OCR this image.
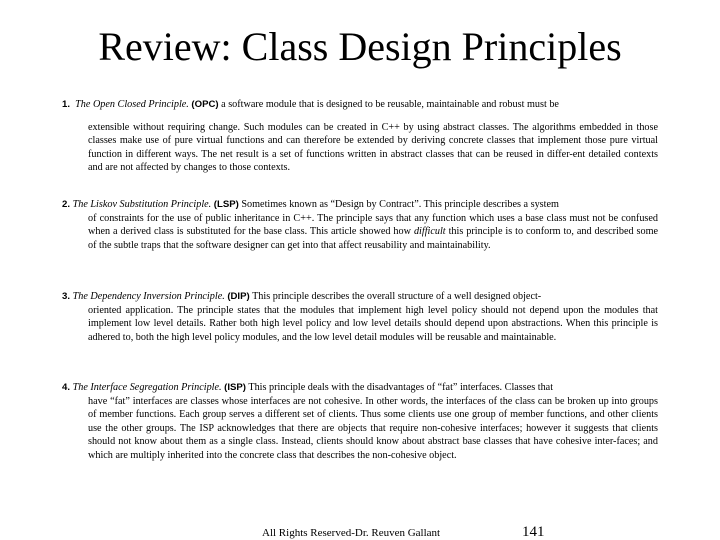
Review: Class Design Principles

1. The Open Closed Principle. (OPC) a software module that is designed to be reusable, maintainable and robust must be
extensible without requiring change. Such modules can be created in C++ by using abstract classes. The algorithms embedded in those classes make use of pure virtual functions and can therefore be extended by deriving concrete classes that implement those pure virtual function in different ways. The net result is a set of functions written in abstract classes that can be reused in differ-ent detailed contexts and are not affected by changes to those contexts.

2. The Liskov Substitution Principle. (LSP) Sometimes known as “Design by Contract”. This principle describes a system
of constraints for the use of public inheritance in C++. The principle says that any function which uses a base class must not be confused when a derived class is substituted for the base class. This article showed how difficult this principle is to conform to, and described some of the subtle traps that the software designer can get into that affect reusability and maintainability.

3. The Dependency Inversion Principle. (DIP) This principle describes the overall structure of a well designed object-
oriented application. The principle states that the modules that implement high level policy should not depend upon the modules that implement low level details. Rather both high level policy and low level details should depend upon abstractions. When this principle is adhered to, both the high level policy modules, and the low level detail modules will be reusable and maintainable.

4. The Interface Segregation Principle. (ISP) This principle deals with the disadvantages of “fat” interfaces. Classes that
have “fat” interfaces are classes whose interfaces are not cohesive. In other words, the interfaces of the class can be broken up into groups of member functions. Each group serves a different set of clients. Thus some clients use one group of member functions, and other clients use the other groups. The ISP acknowledges that there are objects that require non-cohesive interfaces; however it suggests that clients should not know about them as a single class. Instead, clients should know about abstract base classes that have cohesive inter-faces; and which are multiply inherited into the concrete class that describes the non-cohesive object.

All Rights Reserved-Dr. Reuven Gallant	141
